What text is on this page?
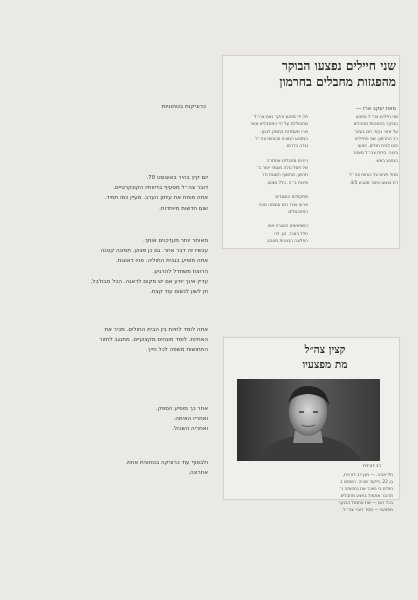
שני חיילים נפצעו הבוקר
מהפגזות מחבלים בחרמון
מאת יעקב ארז —
שני חיילים צה״ל נפצעו
הבוקר בהפגזות מחבלים
על אזור נקוד רום בעיט־
רב החרמון. שני החיילים
פונו לבית חולים. פצעו
בינוני. ביתת צה״ל מאזור
הנפגע באש.

מתל פצים על כוחות צה״ל
רת בוצעו עימר מטבע 4/5
מל ידי מפגע והקר נאמ צה״ל
מתחוללת על ידי המחבלים אשר
ויורו מעמדות במשק לבנון.
המפגע המוכח מכוחות צה״ל
נגדה בדרום.

הירות מחבלים אמתרה
של חסל נולה מעמד יומר ב־
חרמון. מחשוף השגות ודר
סיכות ב״ה. כלל מצעו.

מתקולות השונדים
ארעו נצרו רום עוצמה מכפ
הפחבצלים

השפאשים השגרה אש
חלל בצבר. נון. לני
הפלוגה הכוננית מטבע
כרוניקות בטחוניות
יום קיץ בהיר באוגוסט 70.
דובר צה״ל מסעיף בדיווחיו הקונקרטיים.
אתה פותח את עיתון הערב. מעיין כמו תמיד.
שום חדשות מיוחדות.
מאוחר יותר מעדכנים אותך.
עכשיו זה דבר אחר. גם כן פצוע. תמונה קטנה
אתה מופיע בגבית החוליה. פניו דאוגות.
הרוצח משתדל להרגיע.
עדיין אינך יודע אם יש מקום לדאגה. הכל מבולבל.
תן לשון לנשום עוד קצת.
אתה לומד לחיות בין הבית החולים. מכיר את
האחיות. לומד מונחים מקצועיים. מתנגב לחזור
התחושות משפה לכל חייך.
אחר כך מופיע הספק.
ואחריו האימה.
ואחריה השכול.
ולבסוף עוד כרוניקה בטחונית אחת.
אחרונה.
קצין צה״ל
מת מפצעיו
רב דורנית
תל־אביב. — מגן דב דורנית,
בן 22, פיקוד שהיה. השמש ב
חולים בי נשכר את נתחותה נ״
מדובר אתמול בפצע מחבלים
בכל רום — שת אתמול הבוקר
מפצעיו — מסר דובר צה״ל.
